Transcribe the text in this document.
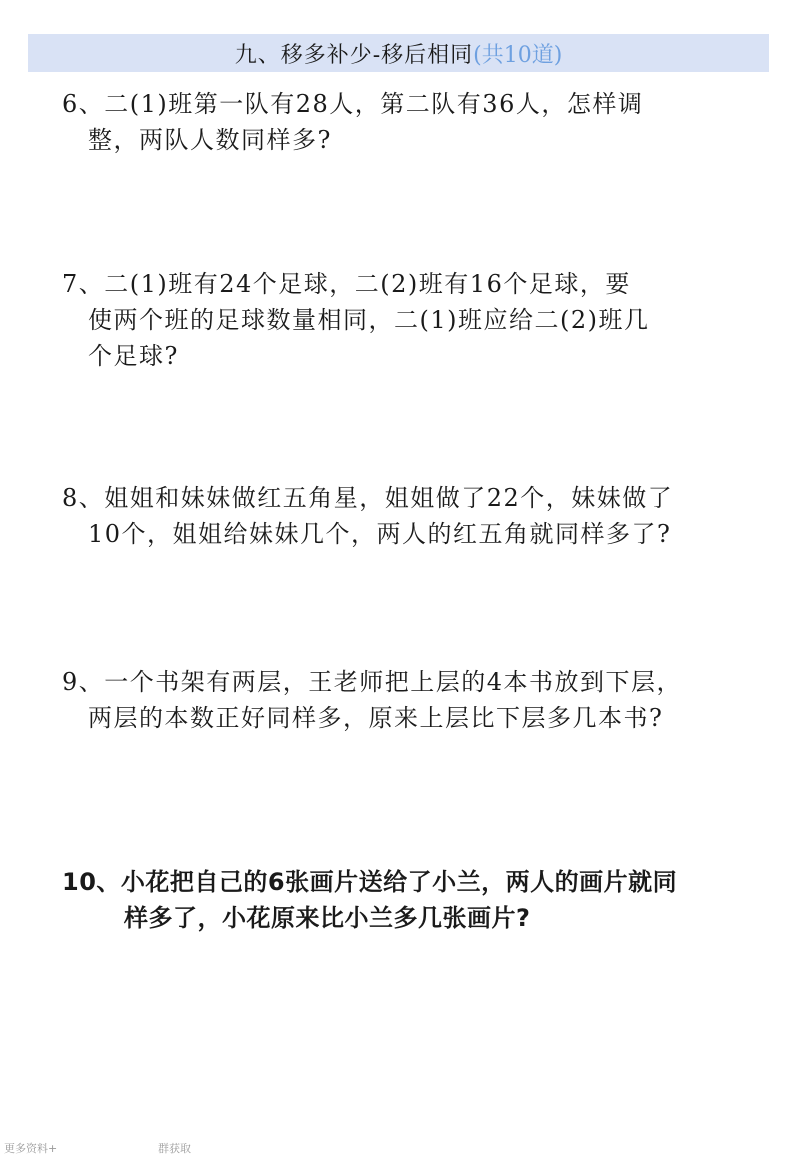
九、移多补少-移后相同 (共10道)
6、二(1)班第一队有28人，第二队有36人，怎样调
整，两队人数同样多?
7、二(1)班有24个足球，二(2)班有16个足球，要
使两个班的足球数量相同，二(1)班应给二(2)班几
个足球?
8、姐姐和妹妹做红五角星，姐姐做了22个，妹妹做了
10个，姐姐给妹妹几个，两人的红五角就同样多了?
9、一个书架有两层，王老师把上层的4本书放到下层，
两层的本数正好同样多，原来上层比下层多几本书?
10、小花把自己的6张画片送给了小兰，两人的画片就同
样多了，小花原来比小兰多几张画片?
更多资料+	群获取
